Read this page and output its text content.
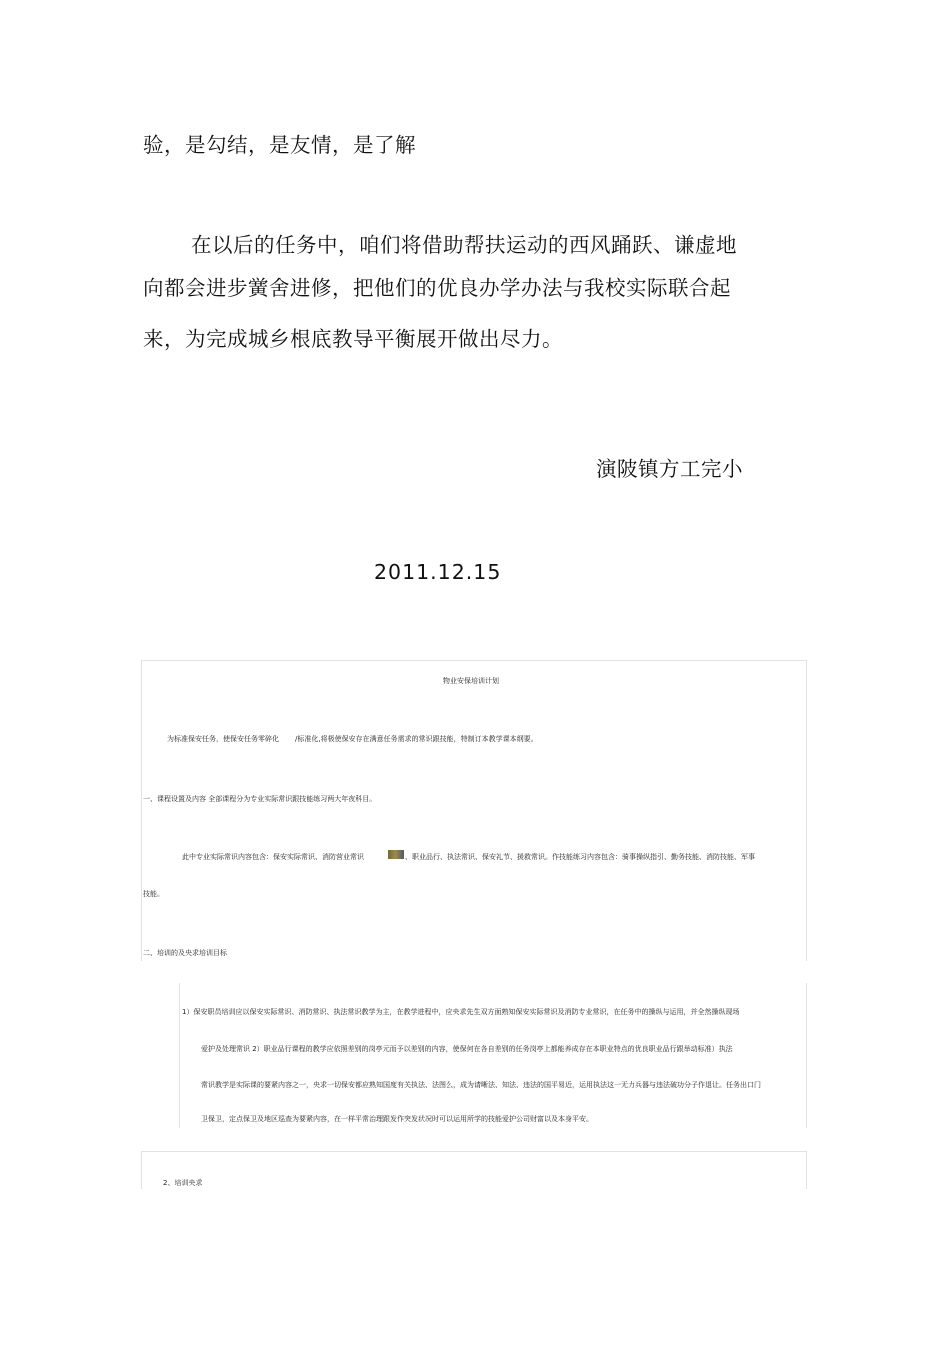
验，是勾结，是友情，是了解
在以后的任务中，咱们将借助帮扶运动的西风踊跃、谦虚地
向都会进步黉舍进修，把他们的优良办学办法与我校实际联合起
来，为完成城乡根底教导平衡展开做出尽力。
演陂镇方工完小
2011.12.15
物业安保培训计划
为标准保安任务，使保安任务零碎化 /标准化,将极使保安存在满意任务需求的常识跟技能，特制订本教学课本纲要。
一、课程设置及内容 全部课程分为专业实际常识跟技能练习两大年夜科目。
此中专业实际常识内容包含：保安实际常识、消防营业常识	、职业品行、执法常识、保安礼节、援救常识。作技能练习内容包含：骑事操纵指引、勤务技能、消防技能、军事
技能。
二、培训的及央求培训目标
1）保安职员培训应以保安实际常识、消防常识、执法常识教学为主，在教学进程中，应央求先生双方面熟知保安实际常识及消防专业常识，在任务中的操纵与运用，并全然操纵现场
爱护及处理常识 2）职业品行课程的教学应依照差别的岗亭元而予以差别的内容，使保何在各自差别的任务岗亭上都能养成存在本职业特点的优良职业品行跟举动标准）执法
常识教学是实际课的要紧内容之一，央求一切保安都应熟知国度有关执法、法图么，成为请晰法、知法、违法的国平易近，运用执法这一无力兵器与违法破功分子作退让。任务出口门
卫保卫，定点保卫及地区巡查为要紧内容，在一样平常治理跟发作突发状况时可以运用所学的技能爱护公司财富以及本身平安。
2、培训央求
